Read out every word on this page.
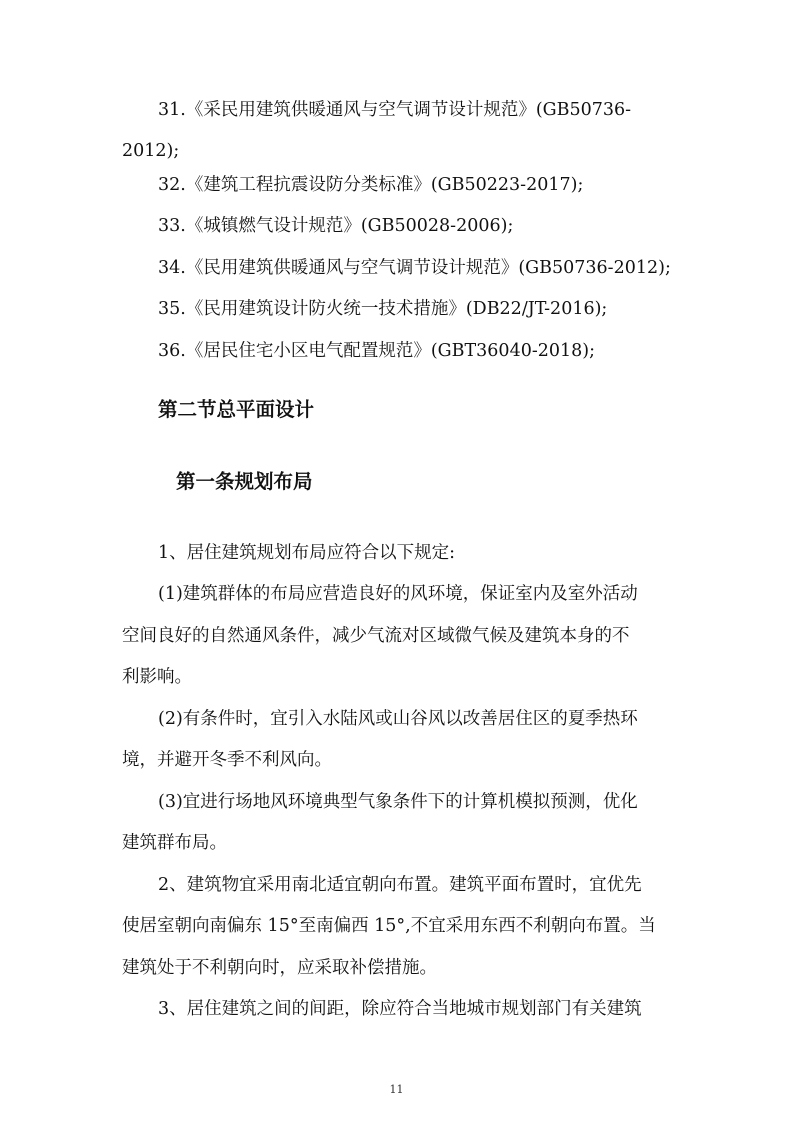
31.《采民用建筑供暖通风与空气调节设计规范》(GB50736-
2012);
32.《建筑工程抗震设防分类标准》(GB50223-2017);
33.《城镇燃气设计规范》(GB50028-2006);
34.《民用建筑供暖通风与空气调节设计规范》(GB50736-2012);
35.《民用建筑设计防火统一技术措施》(DB22/JT-2016);
36.《居民住宅小区电气配置规范》(GBT36040-2018);
第二节总平面设计
第一条规划布局
1、居住建筑规划布局应符合以下规定:
(1)建筑群体的布局应营造良好的风环境，保证室内及室外活动
空间良好的自然通风条件，减少气流对区域微气候及建筑本身的不
利影响。
(2)有条件时，宜引入水陆风或山谷风以改善居住区的夏季热环
境，并避开冬季不利风向。
(3)宜进行场地风环境典型气象条件下的计算机模拟预测，优化
建筑群布局。
2、建筑物宜采用南北适宜朝向布置。建筑平面布置时，宜优先
使居室朝向南偏东 15°至南偏西 15°,不宜采用东西不利朝向布置。当
建筑处于不利朝向时，应采取补偿措施。
3、居住建筑之间的间距，除应符合当地城市规划部门有关建筑
11
